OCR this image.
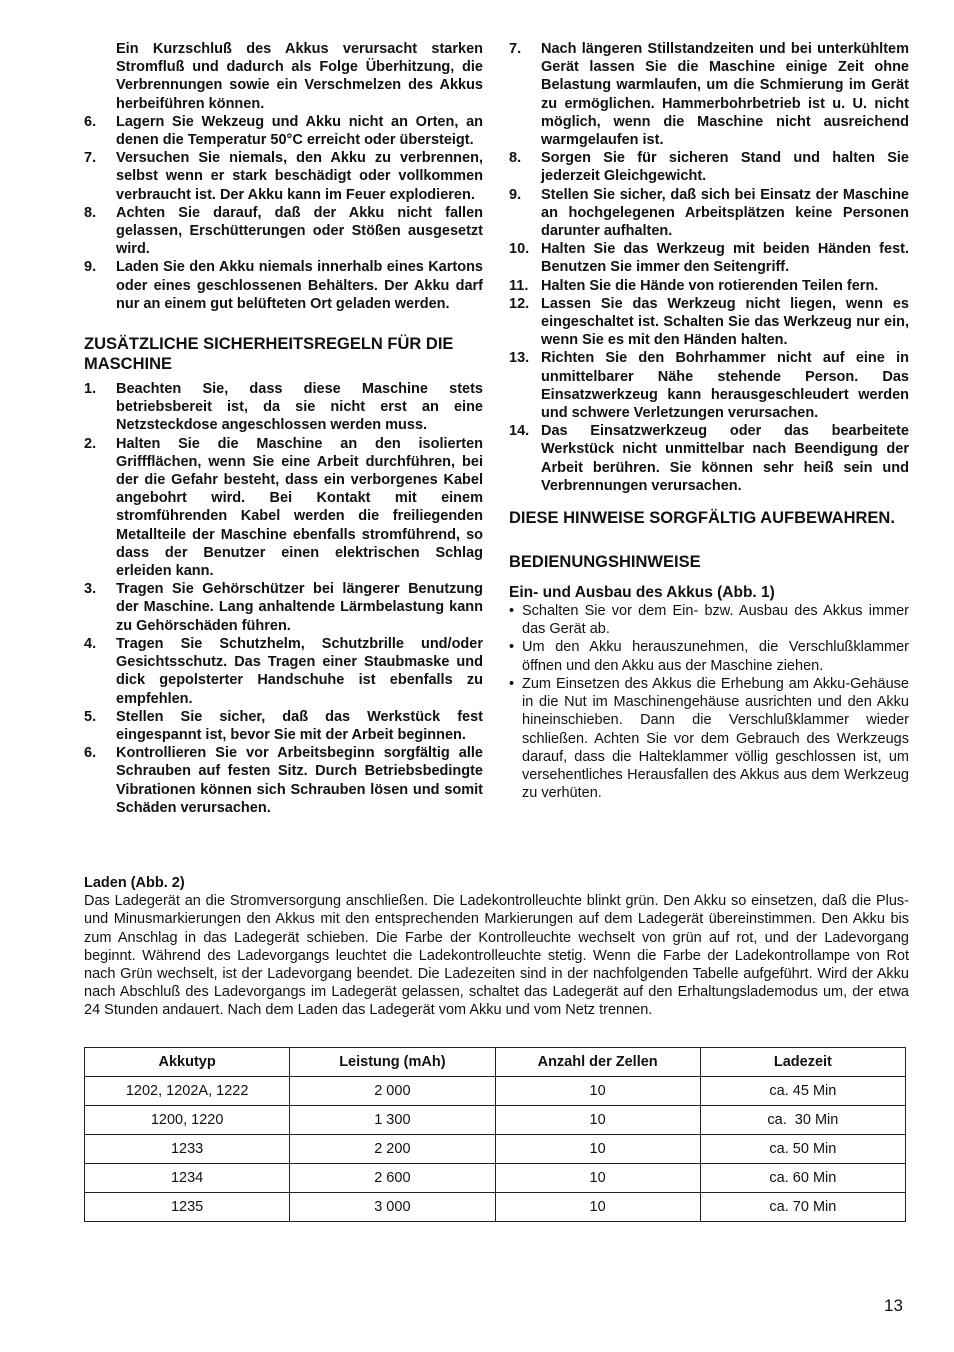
Ein Kurzschluß des Akkus verursacht starken Stromfluß und dadurch als Folge Überhitzung, die Verbrennungen sowie ein Verschmelzen des Akkus herbeiführen können.
6. Lagern Sie Wekzeug und Akku nicht an Orten, an denen die Temperatur 50°C erreicht oder übersteigt.
7. Versuchen Sie niemals, den Akku zu verbrennen, selbst wenn er stark beschädigt oder vollkommen verbraucht ist. Der Akku kann im Feuer explodieren.
8. Achten Sie darauf, daß der Akku nicht fallen gelassen, Erschütterungen oder Stößen ausgesetzt wird.
9. Laden Sie den Akku niemals innerhalb eines Kartons oder eines geschlossenen Behälters. Der Akku darf nur an einem gut belüfteten Ort geladen werden.
ZUSÄTZLICHE SICHERHEITSREGELN FÜR DIE MASCHINE
1. Beachten Sie, dass diese Maschine stets betriebsbereit ist, da sie nicht erst an eine Netzsteckdose angeschlossen werden muss.
2. Halten Sie die Maschine an den isolierten Griffflächen, wenn Sie eine Arbeit durchführen, bei der die Gefahr besteht, dass ein verborgenes Kabel angebohrt wird. Bei Kontakt mit einem stromführenden Kabel werden die freiliegenden Metallteile der Maschine ebenfalls stromführend, so dass der Benutzer einen elektrischen Schlag erleiden kann.
3. Tragen Sie Gehörschützer bei längerer Benutzung der Maschine. Lang anhaltende Lärmbelastung kann zu Gehörschäden führen.
4. Tragen Sie Schutzhelm, Schutzbrille und/oder Gesichtsschutz. Das Tragen einer Staubmaske und dick gepolsterter Handschuhe ist ebenfalls zu empfehlen.
5. Stellen Sie sicher, daß das Werkstück fest eingespannt ist, bevor Sie mit der Arbeit beginnen.
6. Kontrollieren Sie vor Arbeitsbeginn sorgfältig alle Schrauben auf festen Sitz. Durch Betriebsbedingte Vibrationen können sich Schrauben lösen und somit Schäden verursachen.
7. Nach längeren Stillstandzeiten und bei unterkühltem Gerät lassen Sie die Maschine einige Zeit ohne Belastung warmlaufen, um die Schmierung im Gerät zu ermöglichen. Hammerbohrbetrieb ist u. U. nicht möglich, wenn die Maschine nicht ausreichend warmgelaufen ist.
8. Sorgen Sie für sicheren Stand und halten Sie jederzeit Gleichgewicht.
9. Stellen Sie sicher, daß sich bei Einsatz der Maschine an hochgelegenen Arbeitsplätzen keine Personen darunter aufhalten.
10. Halten Sie das Werkzeug mit beiden Händen fest. Benutzen Sie immer den Seitengriff.
11. Halten Sie die Hände von rotierenden Teilen fern.
12. Lassen Sie das Werkzeug nicht liegen, wenn es eingeschaltet ist. Schalten Sie das Werkzeug nur ein, wenn Sie es mit den Händen halten.
13. Richten Sie den Bohrhammer nicht auf eine in unmittelbarer Nähe stehende Person. Das Einsatzwerkzeug kann herausgeschleudert werden und schwere Verletzungen verursachen.
14. Das Einsatzwerkzeug oder das bearbeitete Werkstück nicht unmittelbar nach Beendigung der Arbeit berühren. Sie können sehr heiß sein und Verbrennungen verursachen.
DIESE HINWEISE SORGFÄLTIG AUFBEWAHREN.
BEDIENUNGSHINWEISE
Ein- und Ausbau des Akkus (Abb. 1)
• Schalten Sie vor dem Ein- bzw. Ausbau des Akkus immer das Gerät ab.
• Um den Akku herauszunehmen, die Verschlußklammer öffnen und den Akku aus der Maschine ziehen.
• Zum Einsetzen des Akkus die Erhebung am Akku-Gehäuse in die Nut im Maschinengehäuse ausrichten und den Akku hineinschieben. Dann die Verschlußklammer wieder schließen. Achten Sie vor dem Gebrauch des Werkzeugs darauf, dass die Halteklammer völlig geschlossen ist, um versehentliches Herausfallen des Akkus aus dem Werkzeug zu verhüten.
Laden (Abb. 2)

Das Ladegerät an die Stromversorgung anschließen. Die Ladekontrolleuchte blinkt grün. Den Akku so einsetzen, daß die Plus- und Minusmarkierungen den Akkus mit den entsprechenden Markierungen auf dem Ladegerät übereinstimmen. Den Akku bis zum Anschlag in das Ladegerät schieben. Die Farbe der Kontrolleuchte wechselt von grün auf rot, und der Ladevorgang beginnt. Während des Ladevorgangs leuchtet die Ladekontrolleuchte stetig. Wenn die Farbe der Ladekontrollampe von Rot nach Grün wechselt, ist der Ladevorgang beendet. Die Ladezeiten sind in der nachfolgenden Tabelle aufgeführt. Wird der Akku nach Abschluß des Ladevorgangs im Ladegerät gelassen, schaltet das Ladegerät auf den Erhaltungslademodus um, der etwa 24 Stunden andauert. Nach dem Laden das Ladegerät vom Akku und vom Netz trennen.

Akkutyp	Leistung (mAh)	Anzahl der Zellen	Ladezeit
1202, 1202A, 1222	2 000	10	ca. 45 Min
1200, 1220	1 300	10	ca.  30 Min
1233	2 200	10	ca. 50 Min
1234	2 600	10	ca. 60 Min
1235	3 000	10	ca. 70 Min
13
